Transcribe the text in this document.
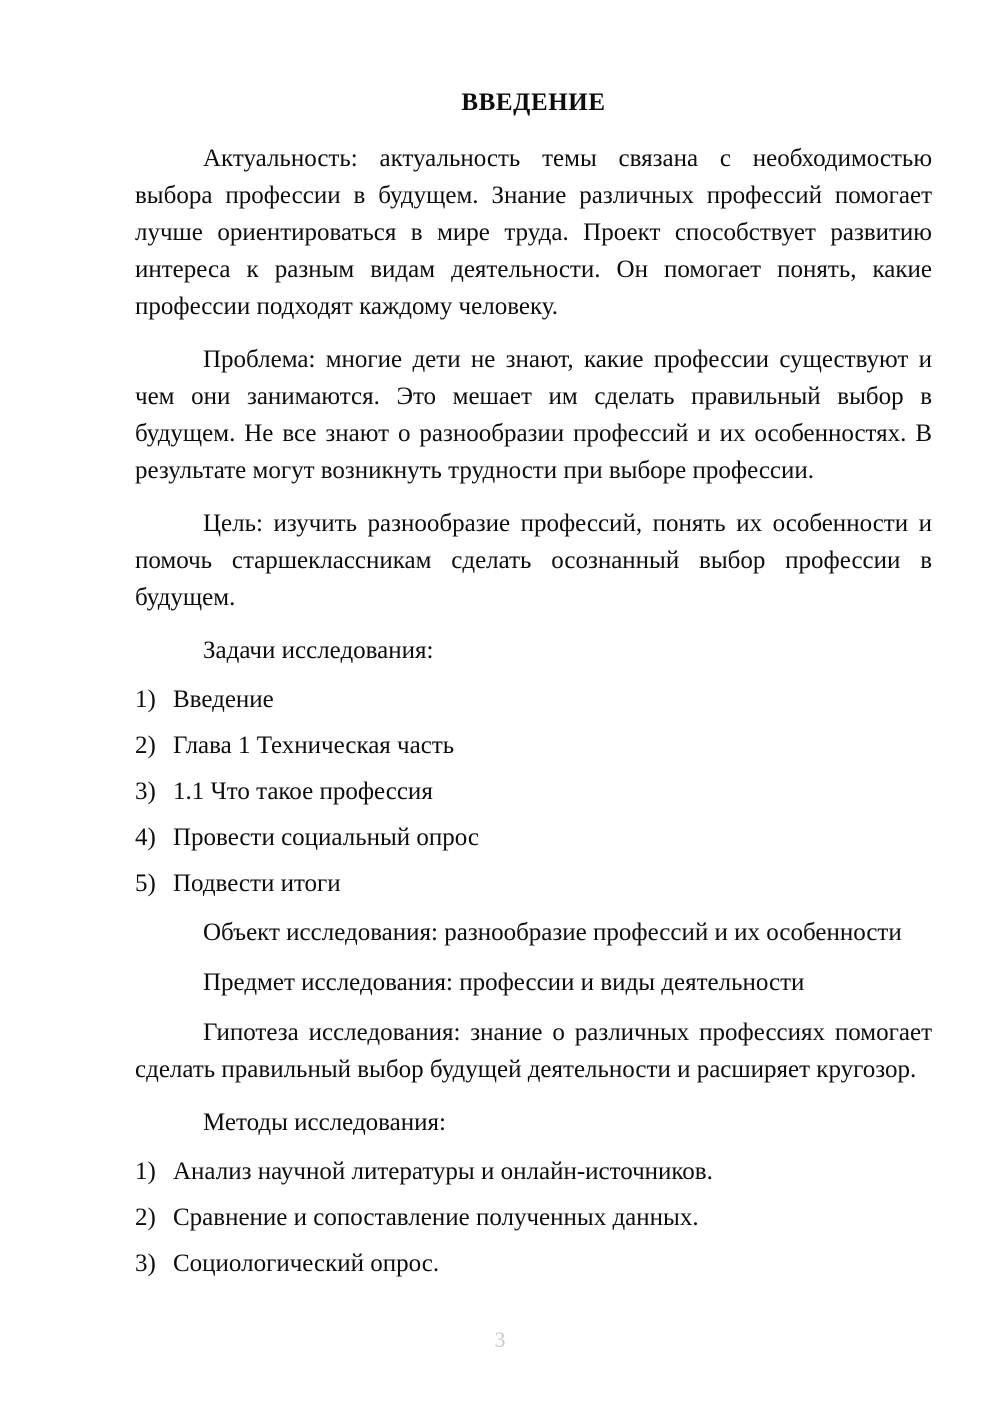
ВВЕДЕНИЕ

Актуальность: актуальность темы связана с необходимостью выбора профессии в будущем. Знание различных профессий помогает лучше ориентироваться в мире труда. Проект способствует развитию интереса к разным видам деятельности. Он помогает понять, какие профессии подходят каждому человеку.

Проблема: многие дети не знают, какие профессии существуют и чем они занимаются. Это мешает им сделать правильный выбор в будущем. Не все знают о разнообразии профессий и их особенностях. В результате могут возникнуть трудности при выборе профессии.

Цель: изучить разнообразие профессий, понять их особенности и помочь старшеклассникам сделать осознанный выбор профессии в будущем.

Задачи исследования:

1) Введение
2) Глава 1 Техническая часть
3) 1.1 Что такое профессия
4) Провести социальный опрос
5) Подвести итоги

Объект исследования: разнообразие профессий и их особенности

Предмет исследования: профессии и виды деятельности

Гипотеза исследования: знание о различных профессиях помогает сделать правильный выбор будущей деятельности и расширяет кругозор.

Методы исследования:

1) Анализ научной литературы и онлайн-источников.
2) Сравнение и сопоставление полученных данных.
3) Социологический опрос.
3
